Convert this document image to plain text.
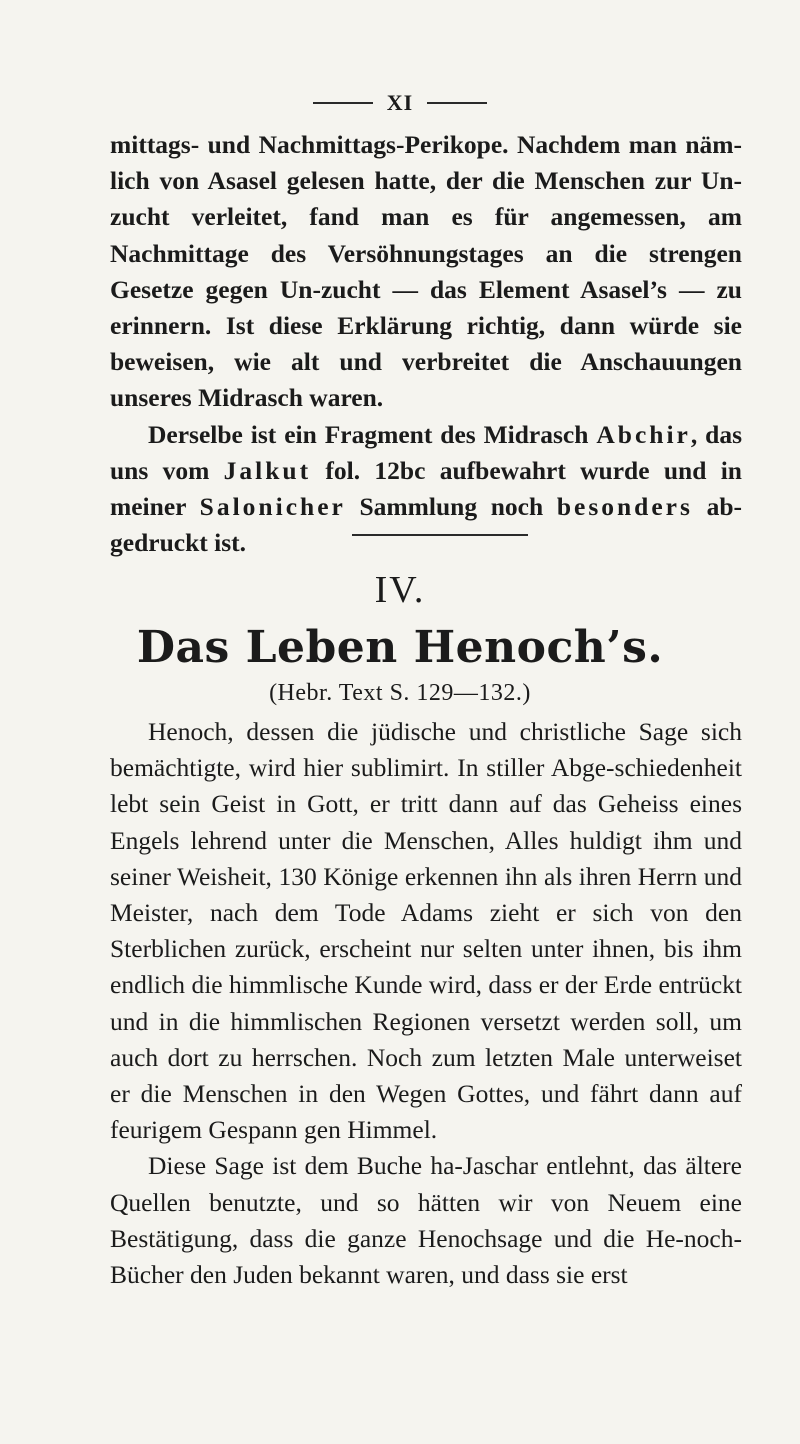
XI

mittags- und Nachmittags-Perikope. Nachdem man näm-lich von Asasel gelesen hatte, der die Menschen zur Un-zucht verleitet, fand man es für angemessen, am Nachmittage des Versöhnungstages an die strengen Gesetze gegen Un-zucht — das Element Asasel’s — zu erinnern. Ist diese Erklärung richtig, dann würde sie beweisen, wie alt und verbreitet die Anschauungen unseres Midrasch waren.

Derselbe ist ein Fragment des Midrasch Abchir, das uns vom Jalkut fol. 12bc aufbewahrt wurde und in meiner Salonicher Sammlung noch besonders ab-gedruckt ist.

IV.
Das Leben Henoch’s.
(Hebr. Text S. 129—132.)

Henoch, dessen die jüdische und christliche Sage sich bemächtigte, wird hier sublimirt. In stiller Abge-schiedenheit lebt sein Geist in Gott, er tritt dann auf das Geheiss eines Engels lehrend unter die Menschen, Alles huldigt ihm und seiner Weisheit, 130 Könige erkennen ihn als ihren Herrn und Meister, nach dem Tode Adams zieht er sich von den Sterblichen zurück, erscheint nur selten unter ihnen, bis ihm endlich die himmlische Kunde wird, dass er der Erde entrückt und in die himmlischen Regionen versetzt werden soll, um auch dort zu herrschen. Noch zum letzten Male unterweiset er die Menschen in den Wegen Gottes, und fährt dann auf feurigem Gespann gen Himmel.

Diese Sage ist dem Buche ha-Jaschar entlehnt, das ältere Quellen benutzte, und so hätten wir von Neuem eine Bestätigung, dass die ganze Henochsage und die He-noch-Bücher den Juden bekannt waren, und dass sie erst
